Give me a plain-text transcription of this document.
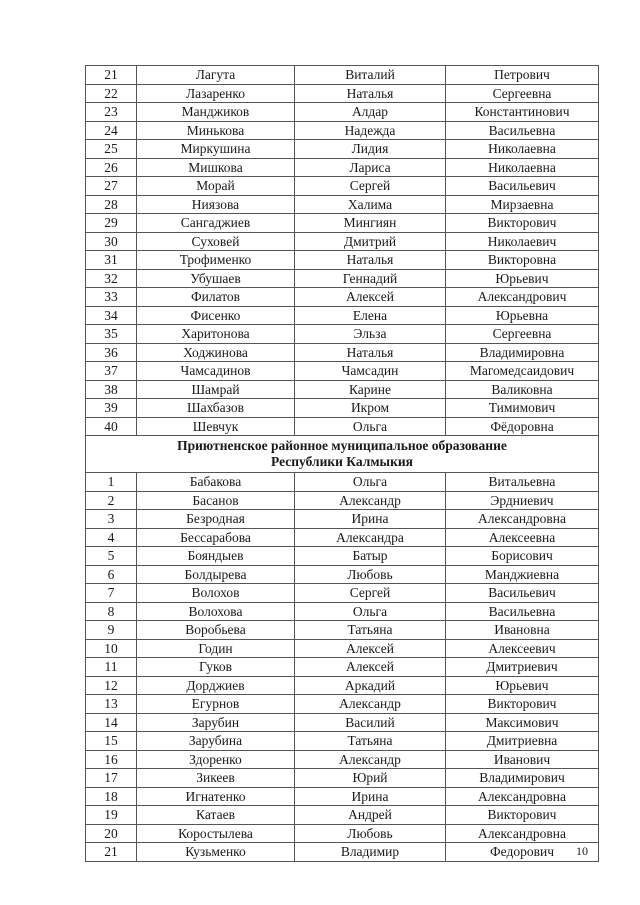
21	Лагута	Виталий	Петрович
22	Лазаренко	Наталья	Сергеевна
23	Манджиков	Алдар	Константинович
24	Минькова	Надежда	Васильевна
25	Миркушина	Лидия	Николаевна
26	Мишкова	Лариса	Николаевна
27	Морай	Сергей	Васильевич
28	Ниязова	Халима	Мирзаевна
29	Сангаджиев	Мингиян	Викторович
30	Суховей	Дмитрий	Николаевич
31	Трофименко	Наталья	Викторовна
32	Убушаев	Геннадий	Юрьевич
33	Филатов	Алексей	Александрович
34	Фисенко	Елена	Юрьевна
35	Харитонова	Эльза	Сергеевна
36	Ходжинова	Наталья	Владимировна
37	Чамсадинов	Чамсадин	Магомедсаидович
38	Шамрай	Карине	Валиковна
39	Шахбазов	Икром	Тимимович
40	Шевчук	Ольга	Фёдоровна
Приютненское районное муниципальное образование
Республики Калмыкия			
1	Бабакова	Ольга	Витальевна
2	Басанов	Александр	Эрдниевич
3	Безродная	Ирина	Александровна
4	Бессарабова	Александра	Алексеевна
5	Бояндыев	Батыр	Борисович
6	Болдырева	Любовь	Манджиевна
7	Волохов	Сергей	Васильевич
8	Волохова	Ольга	Васильевна
9	Воробьева	Татьяна	Ивановна
10	Годин	Алексей	Алексеевич
11	Гуков	Алексей	Дмитриевич
12	Дорджиев	Аркадий	Юрьевич
13	Егурнов	Александр	Викторович
14	Зарубин	Василий	Максимович
15	Зарубина	Татьяна	Дмитриевна
16	Здоренко	Александр	Иванович
17	Зикеев	Юрий	Владимирович
18	Игнатенко	Ирина	Александровна
19	Катаев	Андрей	Викторович
20	Коростылева	Любовь	Александровна
21	Кузьменко	Владимир	Федорович 10
